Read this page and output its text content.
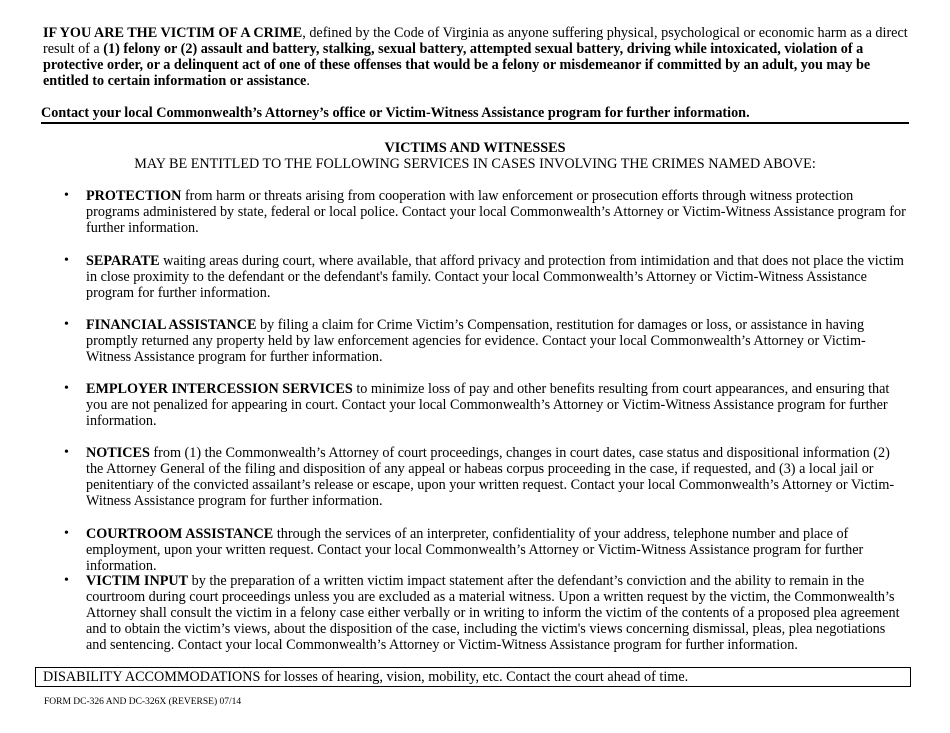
IF YOU ARE THE VICTIM OF A CRIME, defined by the Code of Virginia as anyone suffering physical, psychological or economic harm as a direct result of a (1) felony or (2) assault and battery, stalking, sexual battery, attempted sexual battery, driving while intoxicated, violation of a protective order, or a delinquent act of one of these offenses that would be a felony or misdemeanor if committed by an adult, you may be entitled to certain information or assistance.

Contact your local Commonwealth’s Attorney’s office or Victim-Witness Assistance program for further information.

VICTIMS AND WITNESSES
MAY BE ENTITLED TO THE FOLLOWING SERVICES IN CASES INVOLVING THE CRIMES NAMED ABOVE:
• PROTECTION from harm or threats arising from cooperation with law enforcement or prosecution efforts through witness protection programs administered by state, federal or local police. Contact your local Commonwealth’s Attorney or Victim-Witness Assistance program for further information.
• SEPARATE waiting areas during court, where available, that afford privacy and protection from intimidation and that does not place the victim in close proximity to the defendant or the defendant's family. Contact your local Commonwealth’s Attorney or Victim-Witness Assistance program for further information.
• FINANCIAL ASSISTANCE by filing a claim for Crime Victim’s Compensation, restitution for damages or loss, or assistance in having promptly returned any property held by law enforcement agencies for evidence. Contact your local Commonwealth’s Attorney or Victim-Witness Assistance program for further information.
• EMPLOYER INTERCESSION SERVICES to minimize loss of pay and other benefits resulting from court appearances, and ensuring that you are not penalized for appearing in court. Contact your local Commonwealth’s Attorney or Victim-Witness Assistance program for further information.
• NOTICES from (1) the Commonwealth’s Attorney of court proceedings, changes in court dates, case status and dispositional information (2) the Attorney General of the filing and disposition of any appeal or habeas corpus proceeding in the case, if requested, and (3) a local jail or penitentiary of the convicted assailant’s release or escape, upon your written request. Contact your local Commonwealth’s Attorney or Victim-Witness Assistance program for further information.
• COURTROOM ASSISTANCE through the services of an interpreter, confidentiality of your address, telephone number and place of employment, upon your written request. Contact your local Commonwealth’s Attorney or Victim-Witness Assistance program for further information.
• VICTIM INPUT by the preparation of a written victim impact statement after the defendant’s conviction and the ability to remain in the courtroom during court proceedings unless you are excluded as a material witness. Upon a written request by the victim, the Commonwealth’s Attorney shall consult the victim in a felony case either verbally or in writing to inform the victim of the contents of a proposed plea agreement and to obtain the victim’s views, about the disposition of the case, including the victim's views concerning dismissal, pleas, plea negotiations and sentencing. Contact your local Commonwealth’s Attorney or Victim-Witness Assistance program for further information.
DISABILITY ACCOMMODATIONS for losses of hearing, vision, mobility, etc. Contact the court ahead of time.
FORM DC-326 AND DC-326X (REVERSE) 07/14
